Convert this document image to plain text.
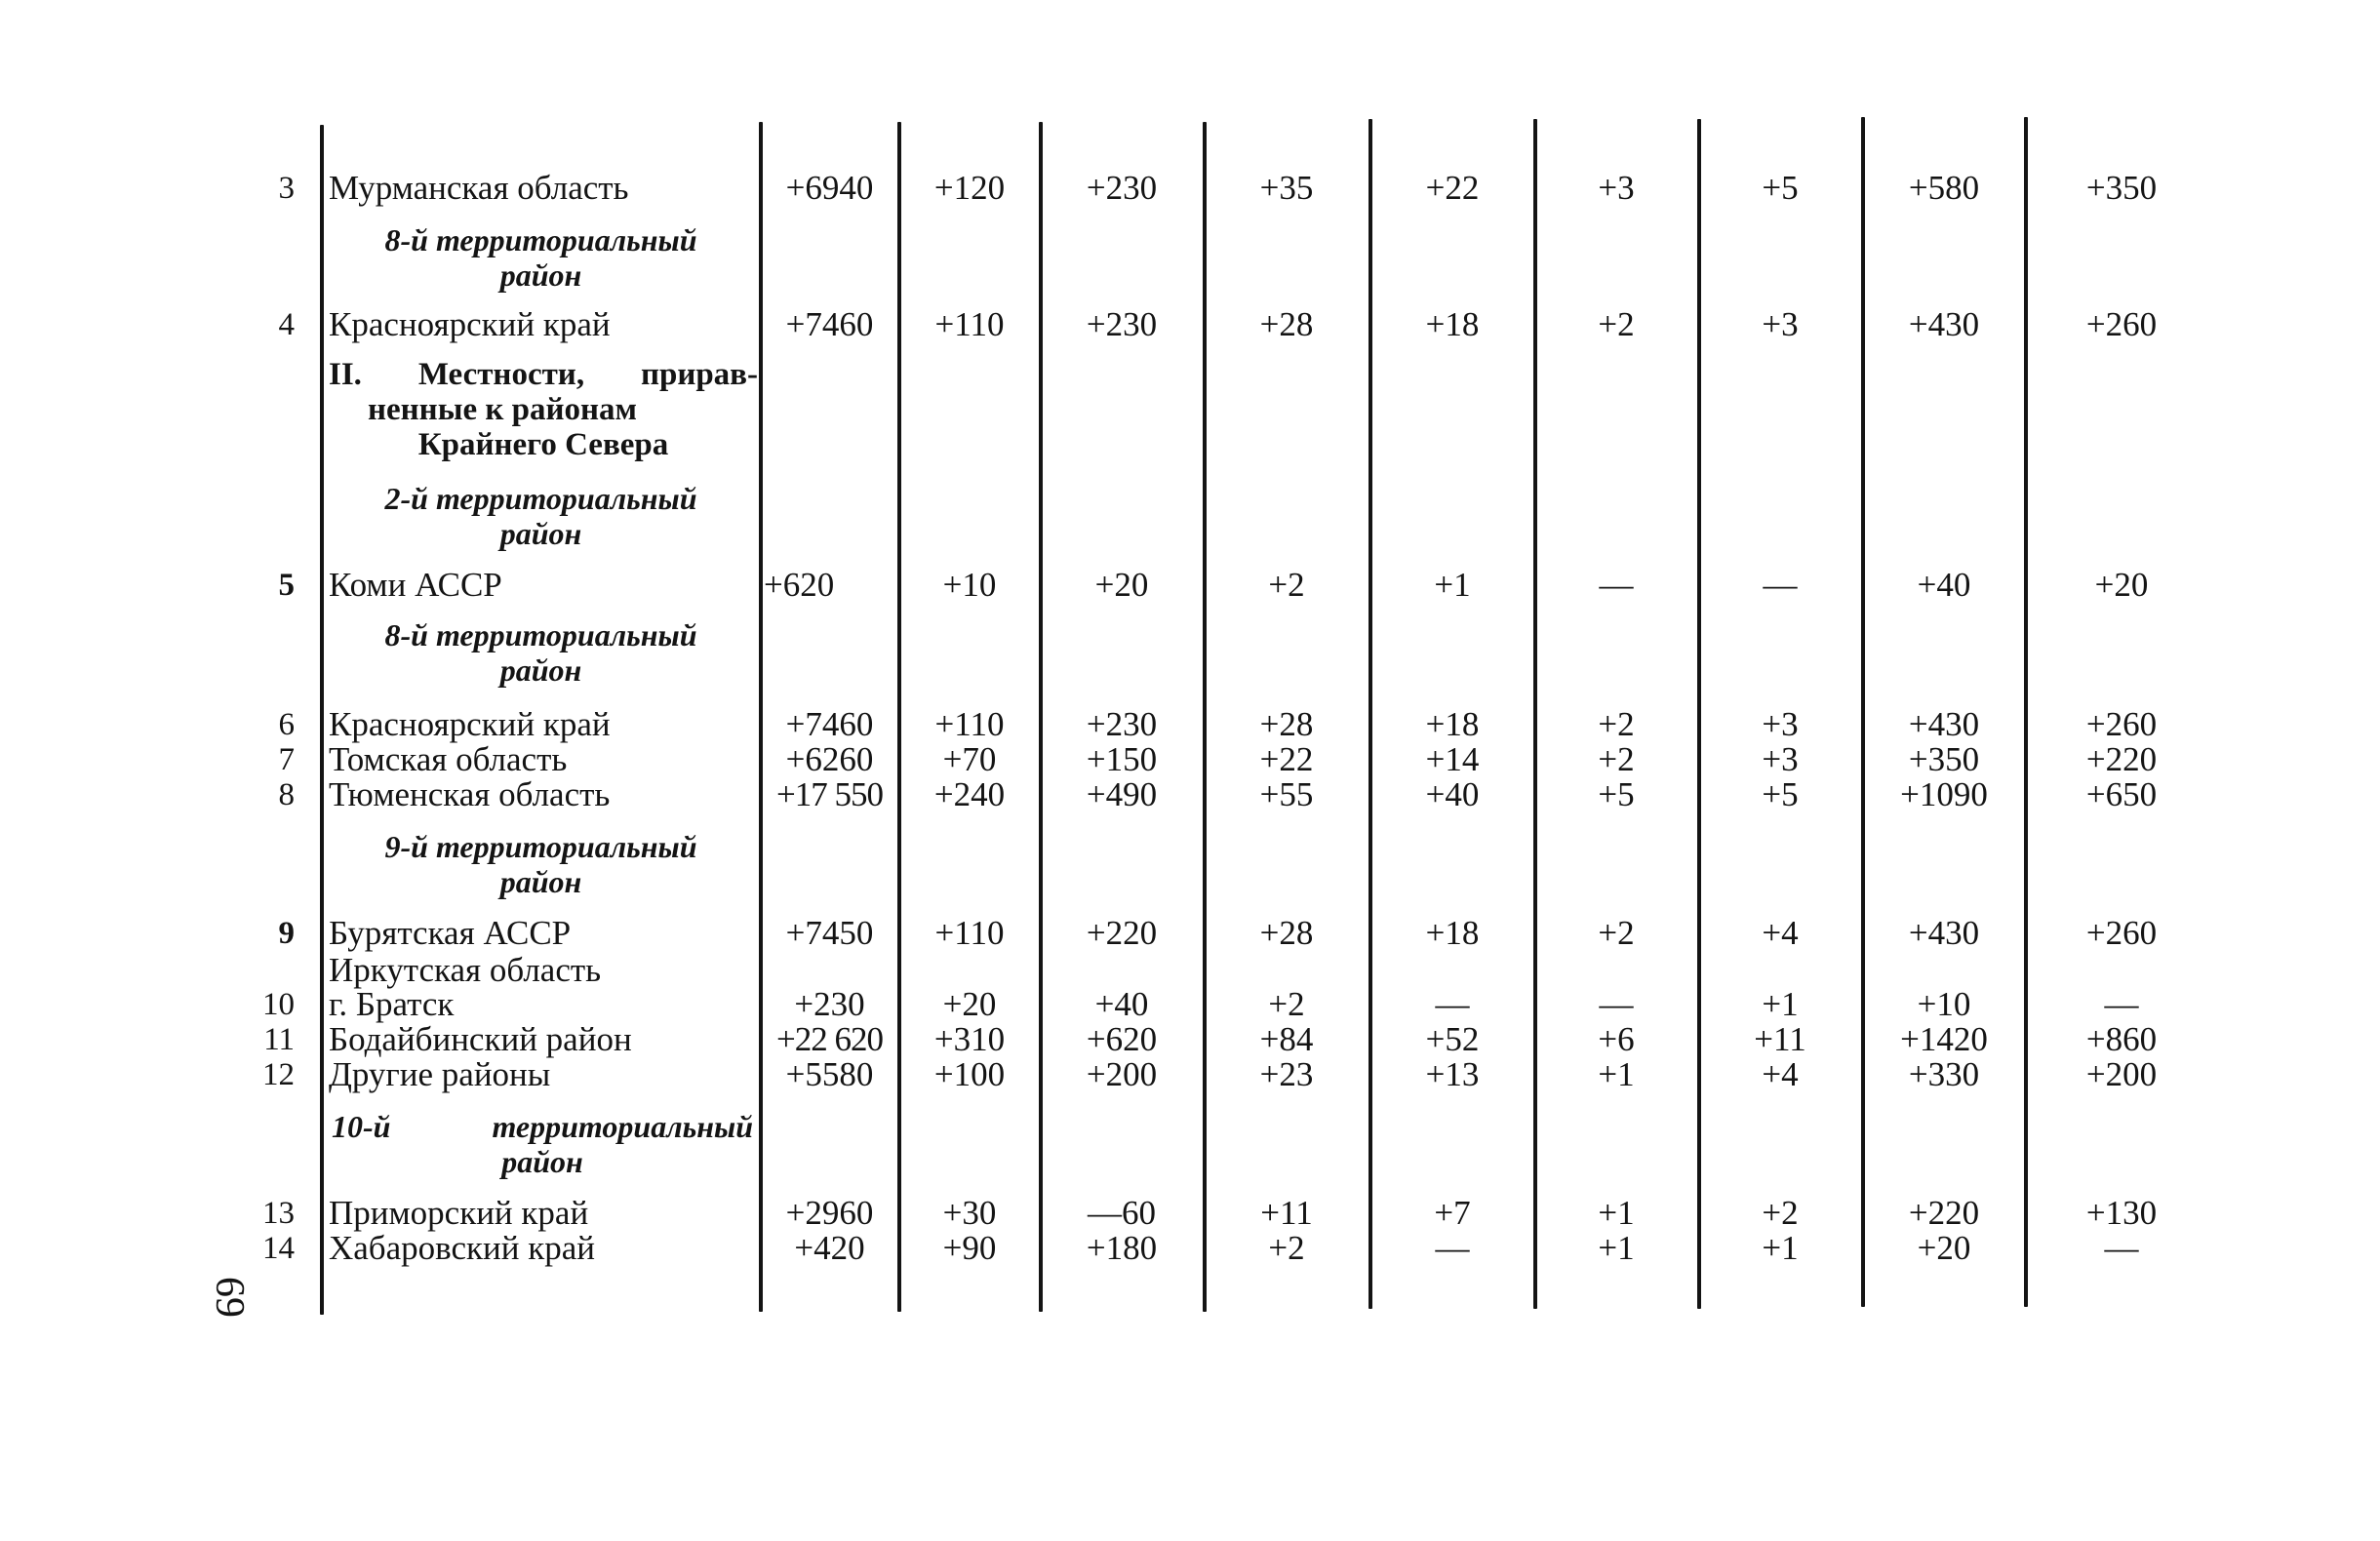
3 Мурманская область	+6940	+120	+230	+35	+22	+3	+5	+580	+350
8-й территориальный
район
4 Красноярский край	+7460	+110	+230	+28	+18	+2	+3	+430	+260
II. Местности, прирав-
ненные к районам
Крайнего Севера
2-й территориальный
район
5 Коми АССР	+620	+10	+20	+2	+1	—	—	+40	+20
8-й территориальный
район
6 Красноярский край	+7460	+110	+230	+28	+18	+2	+3	+430	+260
7 Томская область	+6260	+70	+150	+22	+14	+2	+3	+350	+220
8 Тюменская область	+17 550	+240	+490	+55	+40	+5	+5	+1090	+650
9-й территориальный
район
9 Бурятская АССР	+7450	+110	+220	+28	+18	+2	+4	+430	+260
Иркутская область
10 г. Братск	+230	+20	+40	+2	—	—	+1	+10	—
11 Бодайбинский район	+22 620	+310	+620	+84	+52	+6	+11	+1420	+860
12 Другие районы	+5580	+100	+200	+23	+13	+1	+4	+330	+200
10-й территориальный
район
13 Приморский край	+2960	+30	—60	+11	+7	+1	+2	+220	+130
14 Хабаровский край	+420	+90	+180	+2	—	+1	+1	+20	—
69
